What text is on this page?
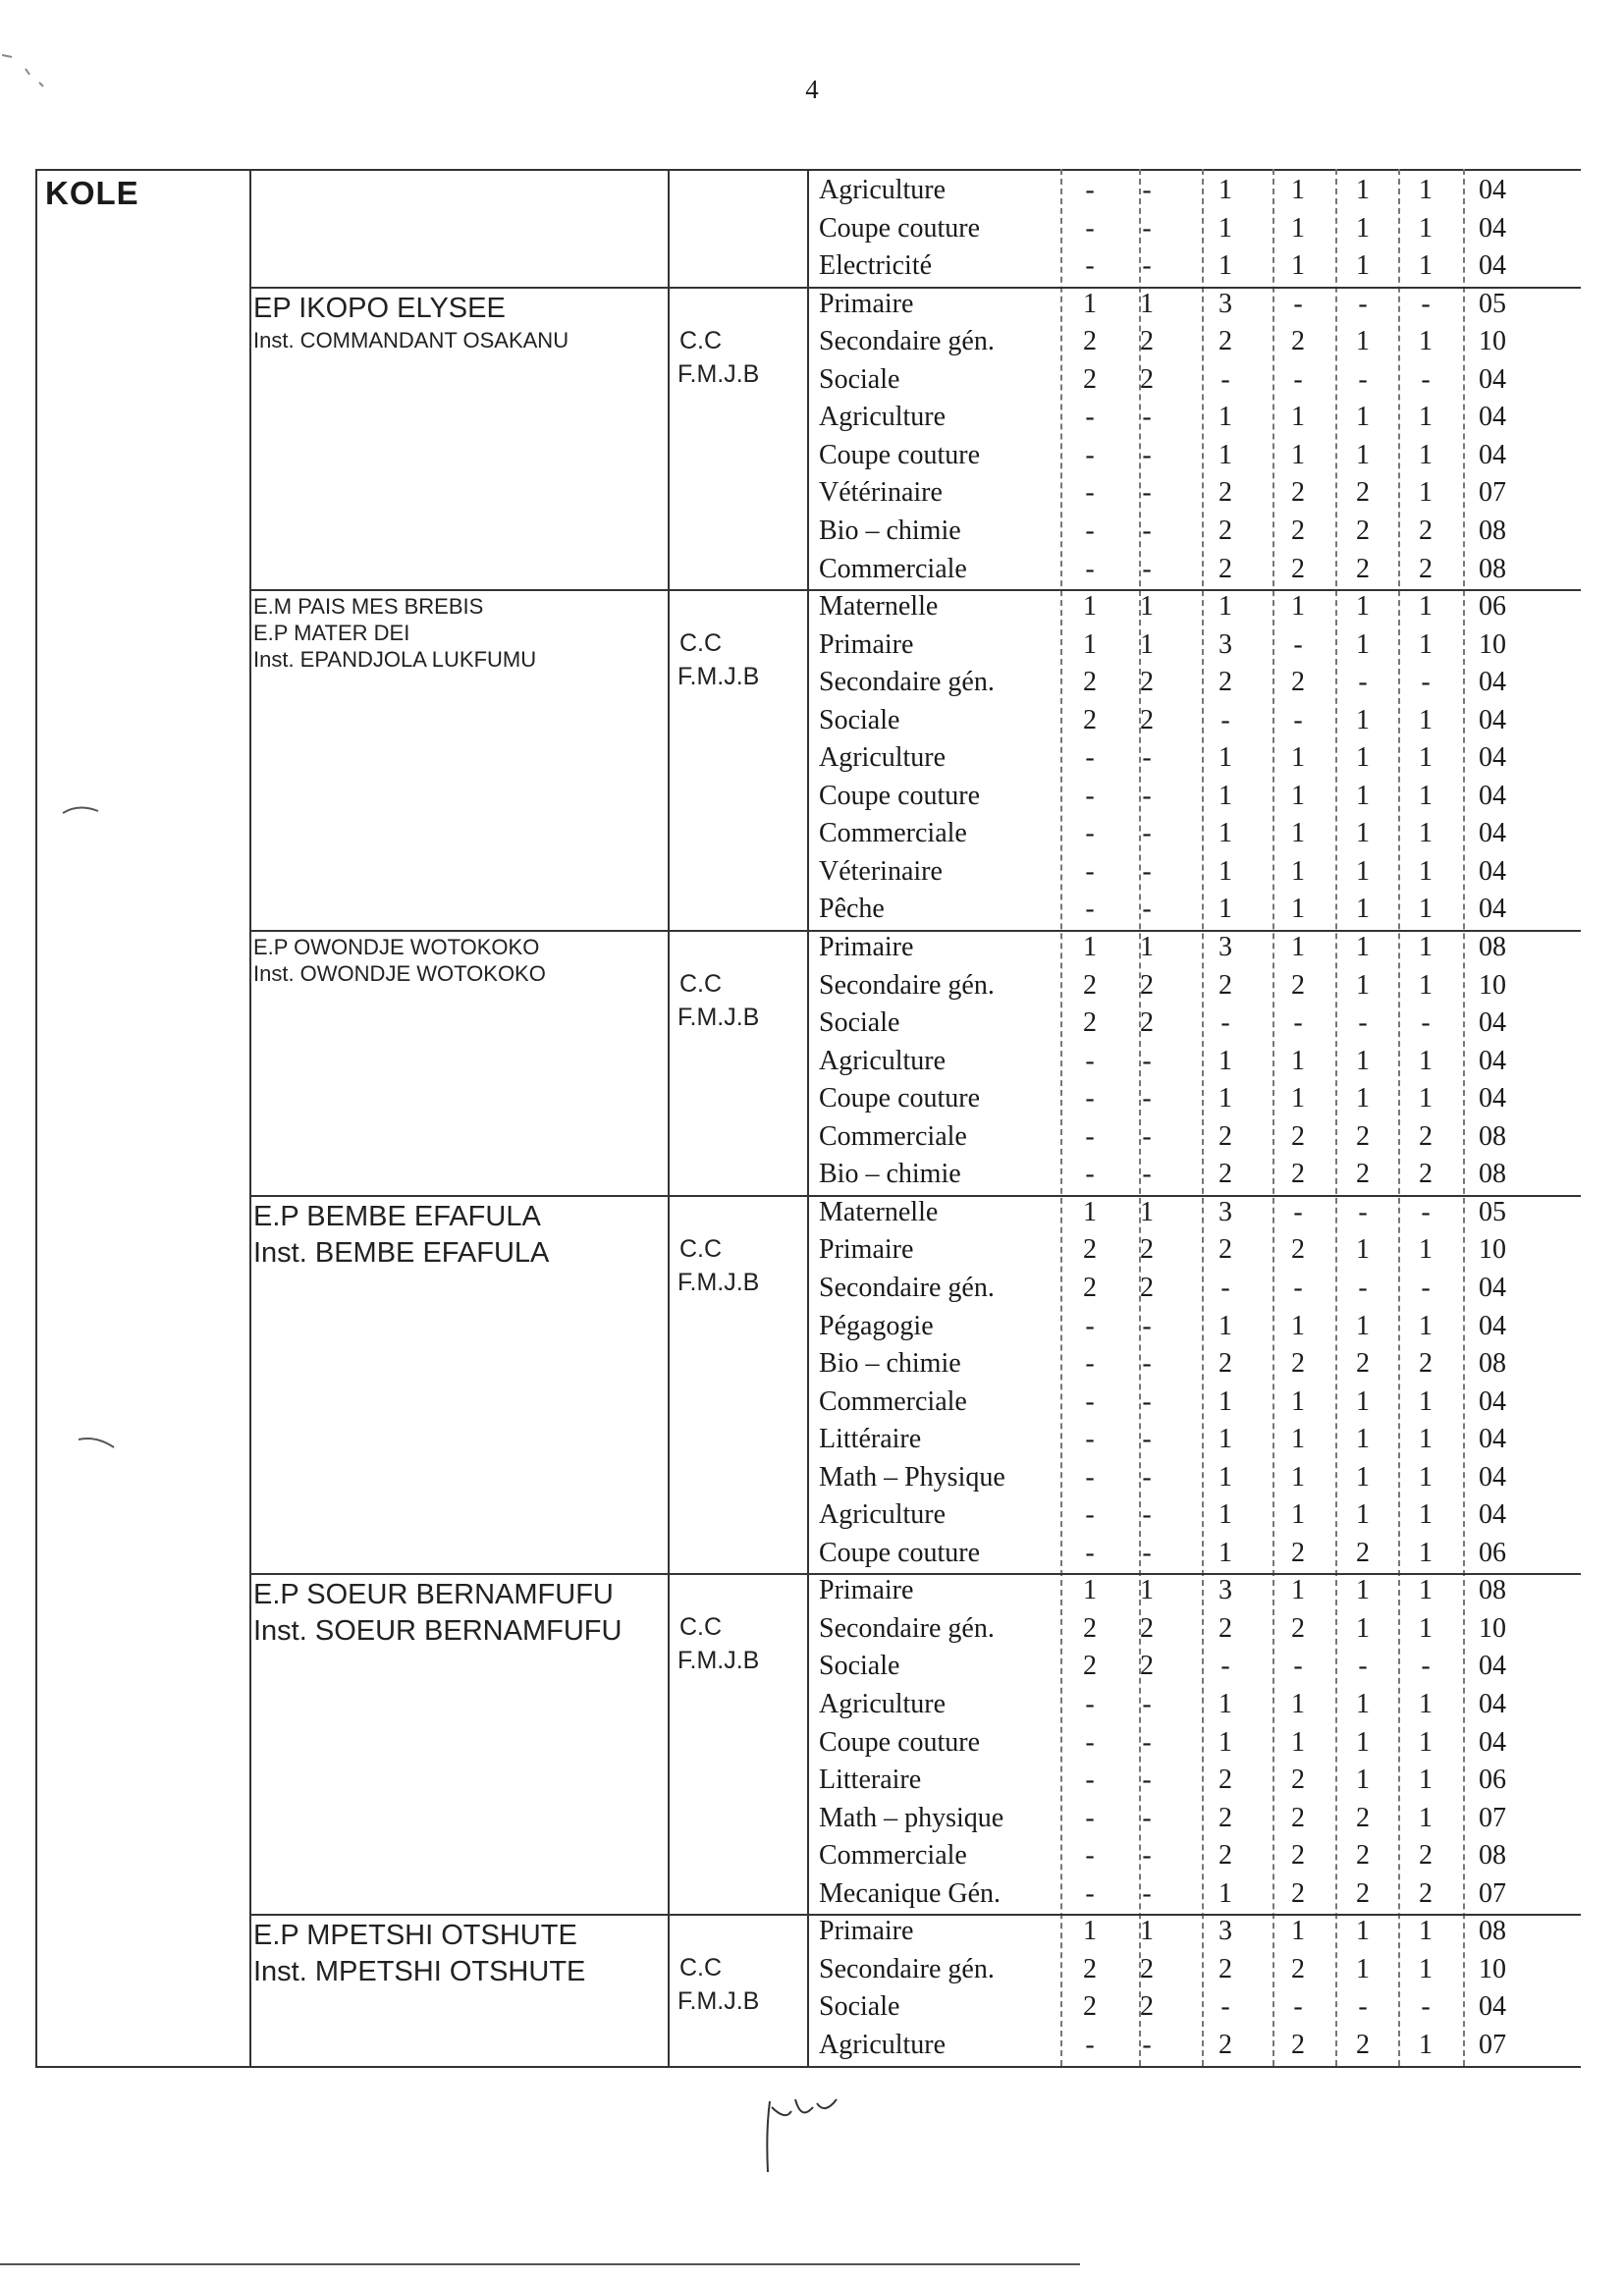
4
KOLE	Agriculture	-	-	1	1	1	1	04
Coupe couture	-	-	1	1	1	1	04
Electricité	-	-	1	1	1	1	04
EP IKOPO ELYSEE
Inst. COMMANDANT OSAKANU	C.C
F.M.J.B
Primaire	1	1	3	-	-	-	05
Secondaire gén.	2	2	2	2	1	1	10
Sociale	2	2	-	-	-	-	04
Agriculture	-	-	1	1	1	1	04
Coupe couture	-	-	1	1	1	1	04
Vétérinaire	-	-	2	2	2	1	07
Bio – chimie	-	-	2	2	2	2	08
Commerciale	-	-	2	2	2	2	08
E.M PAIS MES BREBIS
E.P MATER DEI
Inst. EPANDJOLA LUKFUMU
C.C
F.M.J.B
Maternelle	1	1	1	1	1	1	06
Primaire	1	1	3	-	1	1	10
Secondaire gén.	2	2	2	2	-	-	04
Sociale	2	2	-	-	1	1	04
Agriculture	-	-	1	1	1	1	04
Coupe couture	-	-	1	1	1	1	04
Commerciale	-	-	1	1	1	1	04
Véterinaire	-	-	1	1	1	1	04
Pêche	-	-	1	1	1	1	04
E.P OWONDJE WOTOKOKO
Inst. OWONDJE WOTOKOKO	C.C
F.M.J.B
Primaire	1	1	3	1	1	1	08
Secondaire gén.	2	2	2	2	1	1	10
Sociale	2	2	-	-	-	-	04
Agriculture	-	-	1	1	1	1	04
Coupe couture	-	-	1	1	1	1	04
Commerciale	-	-	2	2	2	2	08
Bio – chimie	-	-	2	2	2	2	08
E.P BEMBE EFAFULA
Inst. BEMBE EFAFULA	C.C
F.M.J.B
Maternelle	1	1	3	-	-	-	05
Primaire	2	2	2	2	1	1	10
Secondaire gén.	2	2	-	-	-	-	04
Pégagogie	-	-	1	1	1	1	04
Bio – chimie	-	-	2	2	2	2	08
Commerciale	-	-	1	1	1	1	04
Littéraire	-	-	1	1	1	1	04
Math – Physique	-	-	1	1	1	1	04
Agriculture	-	-	1	1	1	1	04
Coupe couture	-	-	1	2	2	1	06
E.P SOEUR BERNAMFUFU
Inst. SOEUR BERNAMFUFU C.C
F.M.J.B
Primaire	1	1	3	1	1	1	08
Secondaire gén.	2	2	2	2	1	1	10
Sociale	2	2	-	-	-	-	04
Agriculture	-	-	1	1	1	1	04
Coupe couture	-	-	1	1	1	1	04
Litteraire	-	-	2	2	1	1	06
Math – physique	-	-	2	2	2	1	07
Commerciale	-	-	2	2	2	2	08
Mecanique Gén.	-	-	1	2	2	2	07
E.P MPETSHI OTSHUTE
Inst. MPETSHI OTSHUTE	C.C
F.M.J.B
Primaire	1	1	3	1	1	1	08
Secondaire gén.	2	2	2	2	1	1	10
Sociale	2	2	-	-	-	-	04
Agriculture	-	-	2	2	2	1	07
